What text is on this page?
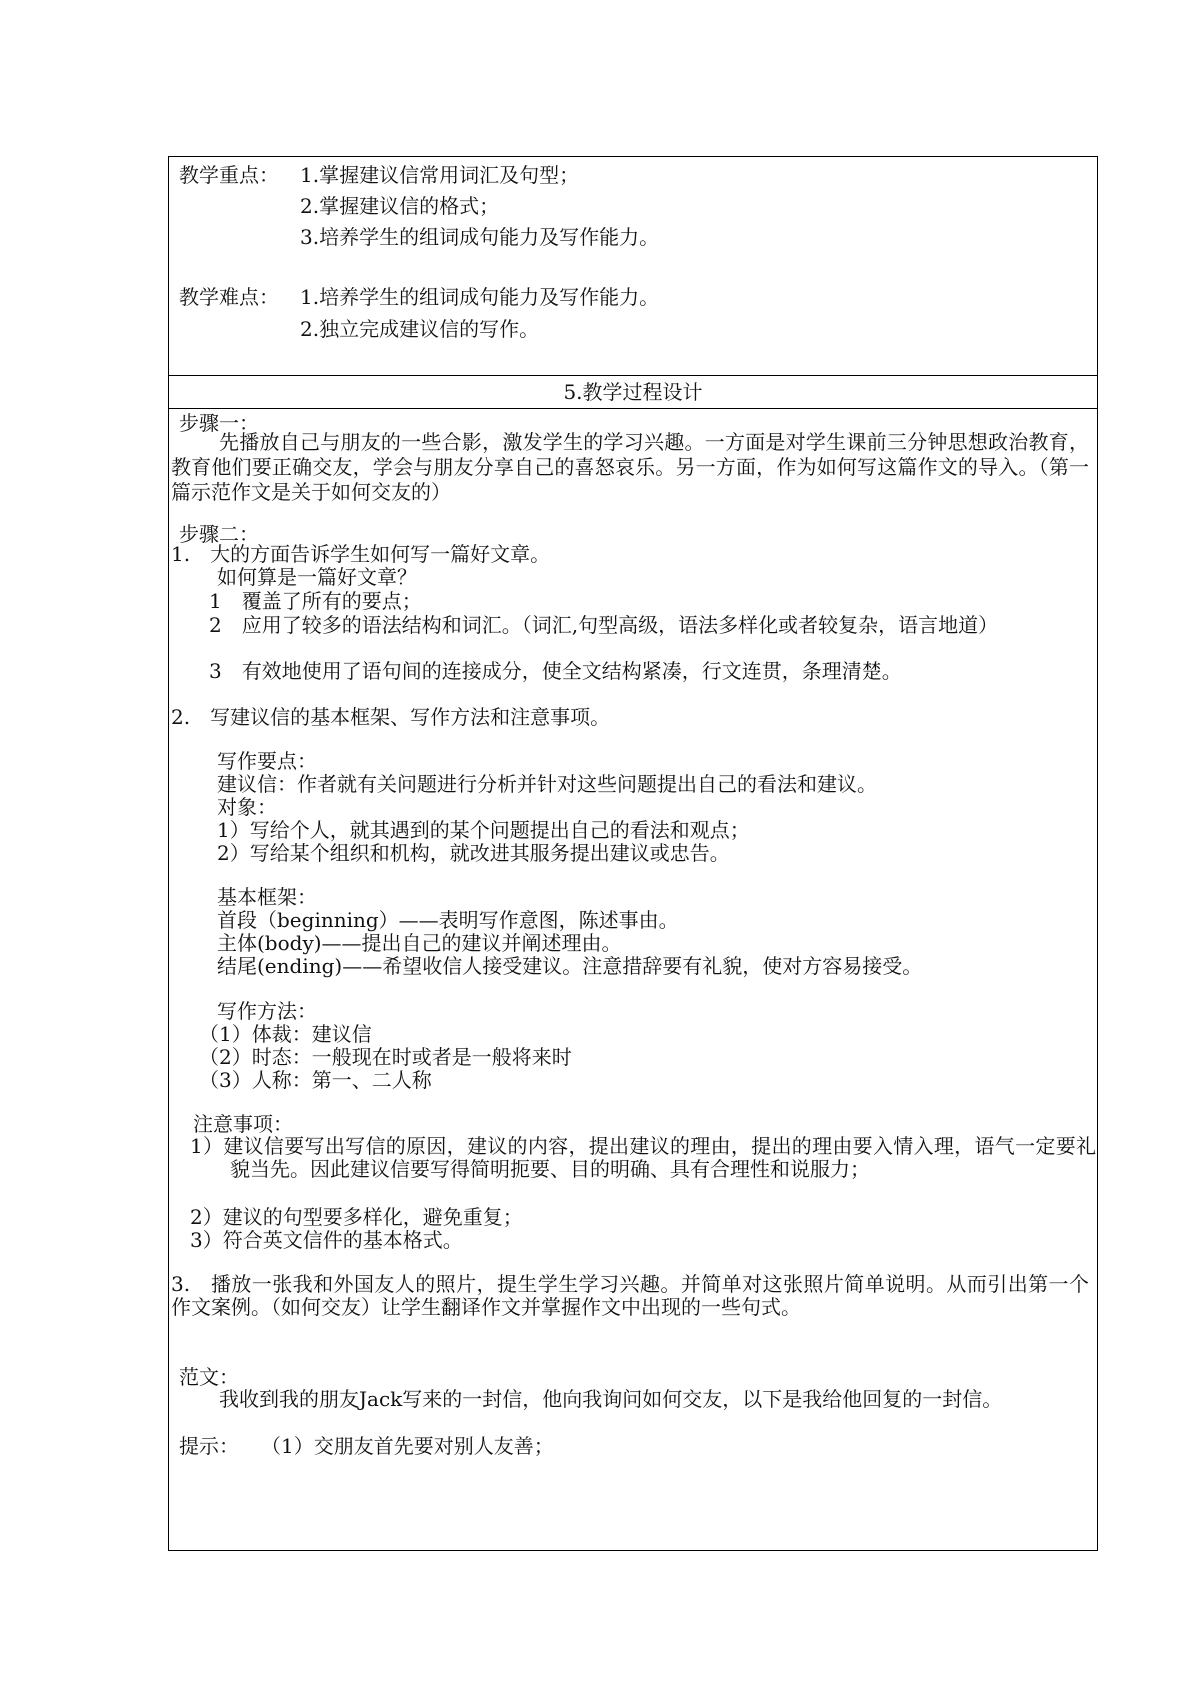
教学重点： 1.掌握建议信常用词汇及句型；
2.掌握建议信的格式；
3.培养学生的组词成句能力及写作能力。
教学难点： 1.培养学生的组词成句能力及写作能力。
2.独立完成建议信的写作。
5.教学过程设计
步骤一：
先播放自己与朋友的一些合影，激发学生的学习兴趣。一方面是对学生课前三分钟思想政治教育，教育他们要正确交友，学会与朋友分享自己的喜怒哀乐。另一方面，作为如何写这篇作文的导入。（第一篇示范作文是关于如何交友的）
步骤二：
1.　大的方面告诉学生如何写一篇好文章。
如何算是一篇好文章？
1　覆盖了所有的要点；
2　应用了较多的语法结构和词汇。（词汇,句型高级，语法多样化或者较复杂，语言地道）
3　有效地使用了语句间的连接成分，使全文结构紧凑，行文连贯，条理清楚。
2.　写建议信的基本框架、写作方法和注意事项。
写作要点：
建议信：作者就有关问题进行分析并针对这些问题提出自己的看法和建议。
对象：
1）写给个人，就其遇到的某个问题提出自己的看法和观点；
2）写给某个组织和机构，就改进其服务提出建议或忠告。
基本框架：
首段（beginning）——表明写作意图，陈述事由。
主体(body)——提出自己的建议并阐述理由。
结尾(ending)——希望收信人接受建议。注意措辞要有礼貌，使对方容易接受。
写作方法：
（1）体裁：建议信
（2）时态：一般现在时或者是一般将来时
（3）人称：第一、二人称
注意事项：
1）建议信要写出写信的原因，建议的内容，提出建议的理由，提出的理由要入情入理，语气一定要礼貌当先。因此建议信要写得简明扼要、目的明确、具有合理性和说服力；
2）建议的句型要多样化，避免重复；
3）符合英文信件的基本格式。
3.　播放一张我和外国友人的照片，提生学生学习兴趣。并简单对这张照片简单说明。从而引出第一个作文案例。（如何交友）让学生翻译作文并掌握作文中出现的一些句式。
范文：
我收到我的朋友Jack写来的一封信，他向我询问如何交友，以下是我给他回复的一封信。
提示： （1）交朋友首先要对别人友善；
